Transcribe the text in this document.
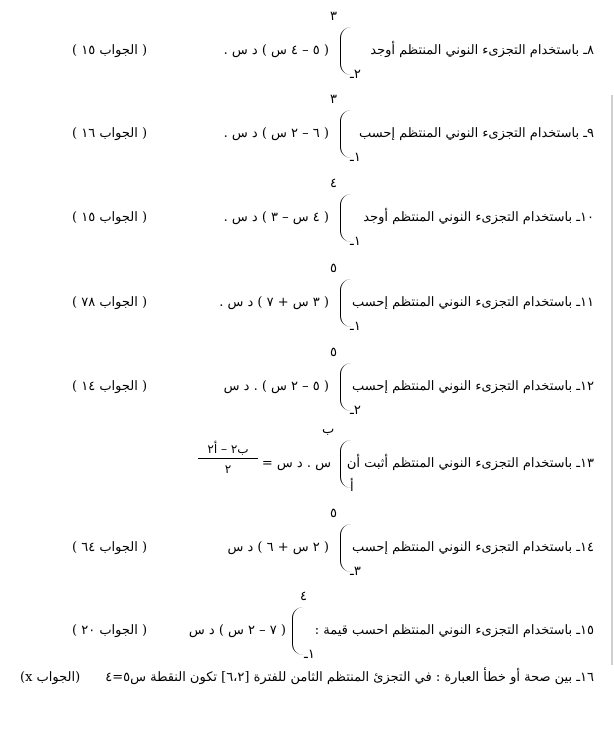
٨ـ باستخدام التجزىء النوني المنتظم أوجد
٣
٢ـ
( ٥ – ٤ س ) د س .
( الجواب ١٥ )
٩ـ باستخدام التجزىء النوني المنتظم إحسب
٣
١ـ
( ٦ – ٢ س ) د س .
( الجواب ١٦ )
١٠ـ باستخدام التجزىء النوني المنتظم أوجد
٤
١ـ
( ٤ س – ٣ ) د س .
( الجواب ١٥ )
١١ـ باستخدام التجزىء النوني المنتظم إحسب
٥
١ـ
( ٣ س + ٧ ) د س .
( الجواب ٧٨ )
١٢ـ باستخدام التجزىء النوني المنتظم إحسب
٥
٢ـ
( ٥ – ٢ س ) . د س
( الجواب ١٤ )
١٣ـ باستخدام التجزىء النوني المنتظم أثبت أن
ب
أ
س . د س =
ب٢ – أ٢
٢
١٤ـ باستخدام التجزىء النوني المنتظم إحسب
٥
٣ـ
( ٢ س + ٦ ) د س
( الجواب ٦٤ )
١٥ـ باستخدام التجزىء النوني المنتظم احسب قيمة :
٤
١ـ
( ٧ – ٢ س ) د س
( الجواب ٢٠ )
١٦ـ بين صحة أو خطأ العبارة : في التجزئ المنتظم الثامن للفترة [٦،٢] تكون النقطة س٥=٤
(الجواب x)
